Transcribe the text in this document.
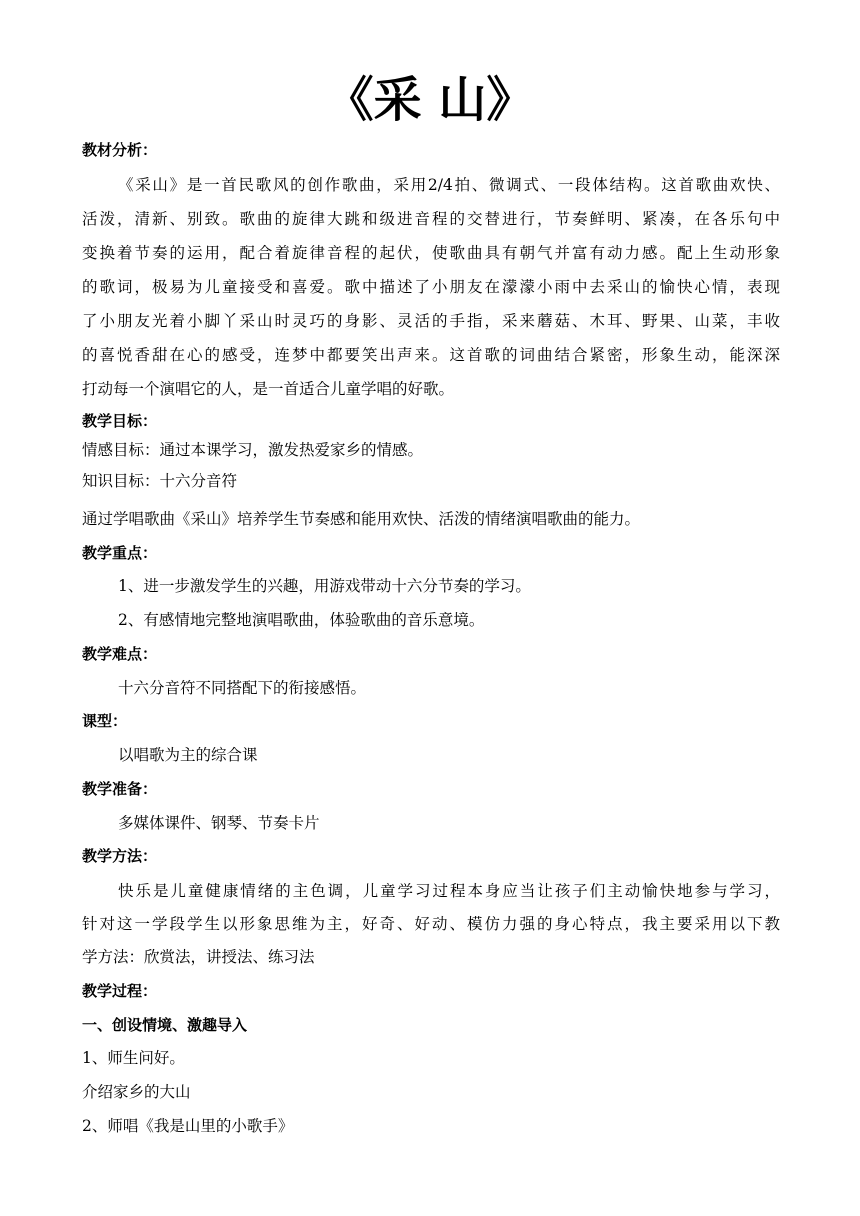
《采 山》
教材分析：
《采山》是一首民歌风的创作歌曲，采用2/4拍、微调式、一段体结构。这首歌曲欢快、
活泼，清新、别致。歌曲的旋律大跳和级进音程的交替进行，节奏鲜明、紧凑，在各乐句中
变换着节奏的运用，配合着旋律音程的起伏，使歌曲具有朝气并富有动力感。配上生动形象
的歌词，极易为儿童接受和喜爱。歌中描述了小朋友在濛濛小雨中去采山的愉快心情，表现
了小朋友光着小脚丫采山时灵巧的身影、灵活的手指，采来蘑菇、木耳、野果、山菜，丰收
的喜悦香甜在心的感受，连梦中都要笑出声来。这首歌的词曲结合紧密，形象生动，能深深
打动每一个演唱它的人，是一首适合儿童学唱的好歌。
教学目标：
情感目标：通过本课学习，激发热爱家乡的情感。
知识目标：十六分音符
通过学唱歌曲《采山》培养学生节奏感和能用欢快、活泼的情绪演唱歌曲的能力。
教学重点：
1、进一步激发学生的兴趣，用游戏带动十六分节奏的学习。
2、有感情地完整地演唱歌曲，体验歌曲的音乐意境。
教学难点：
十六分音符不同搭配下的衔接感悟。
课型：
以唱歌为主的综合课
教学准备：
多媒体课件、钢琴、节奏卡片
教学方法：
快乐是儿童健康情绪的主色调，儿童学习过程本身应当让孩子们主动愉快地参与学习，
针对这一学段学生以形象思维为主，好奇、好动、模仿力强的身心特点，我主要采用以下教
学方法：欣赏法，讲授法、练习法
教学过程：
一、创设情境、激趣导入
1、师生问好。
介绍家乡的大山
2、师唱《我是山里的小歌手》
